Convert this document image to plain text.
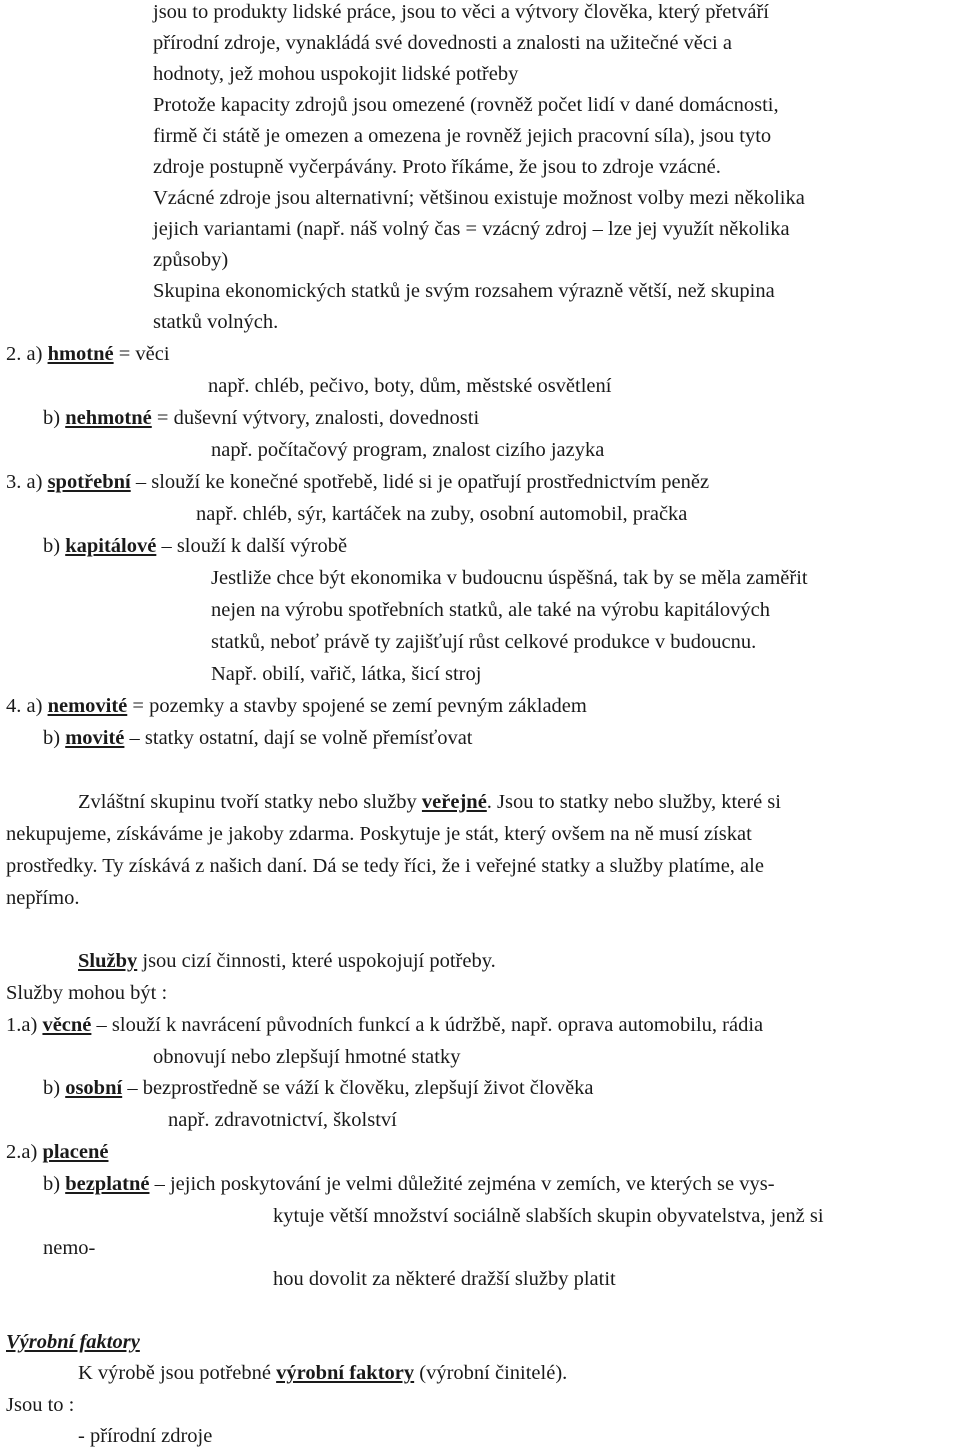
jsou to produkty lidské práce, jsou to věci a výtvory člověka, který přetváří
přírodní zdroje, vynakládá své dovednosti a znalosti na užitečné věci a
hodnoty, jež mohou uspokojit lidské potřeby
Protože kapacity zdrojů jsou omezené (rovněž počet lidí v dané domácnosti,
firmě či státě je omezen a omezena je rovněž jejich pracovní síla), jsou tyto
zdroje postupně vyčerpávány. Proto říkáme, že jsou to zdroje vzácné.
Vzácné zdroje jsou alternativní; většinou existuje možnost volby mezi několika
jejich variantami (např. náš volný čas = vzácný zdroj – lze jej využít několika
způsoby)
Skupina ekonomických statků je svým rozsahem výrazně větší, než skupina
statků volných.
2. a) hmotné = věci
např. chléb, pečivo, boty, dům, městské osvětlení
b) nehmotné = duševní výtvory, znalosti, dovednosti
např. počítačový program, znalost cizího jazyka
3. a) spotřební – slouží ke konečné spotřebě, lidé si je opatřují prostřednictvím peněz
např. chléb, sýr, kartáček na zuby, osobní automobil, pračka
b) kapitálové – slouží k další výrobě
Jestliže chce být ekonomika v budoucnu úspěšná, tak by se měla zaměřit
nejen na výrobu spotřebních statků, ale také na výrobu kapitálových
statků, neboť právě ty zajišťují růst celkové produkce v budoucnu.
Např. obilí, vařič, látka, šicí stroj
4. a) nemovité = pozemky a stavby spojené se zemí pevným základem
b) movité – statky ostatní, dají se volně přemísťovat
Zvláštní skupinu tvoří statky nebo služby veřejné. Jsou to statky nebo služby, které si
nekupujeme, získáváme je jakoby zdarma. Poskytuje je stát, který ovšem na ně musí získat
prostředky. Ty získává z našich daní. Dá se tedy říci, že i veřejné statky a služby platíme, ale
nepřímo.
Služby jsou cizí činnosti, které uspokojují potřeby.
Služby mohou být :
1.a) věcné – slouží k navrácení původních funkcí a k údržbě, např. oprava automobilu, rádia
obnovují nebo zlepšují hmotné statky
b) osobní – bezprostředně se váží k člověku, zlepšují život člověka
např. zdravotnictví, školství
2.a) placené
b) bezplatné – jejich poskytování je velmi důležité zejména v zemích, ve kterých se vys-
kytuje větší množství sociálně slabších skupin obyvatelstva, jenž si
nemo-
hou dovolit za některé dražší služby platit
Výrobní faktory
K výrobě jsou potřebné výrobní faktory (výrobní činitelé).
Jsou to :
- přírodní zdroje
